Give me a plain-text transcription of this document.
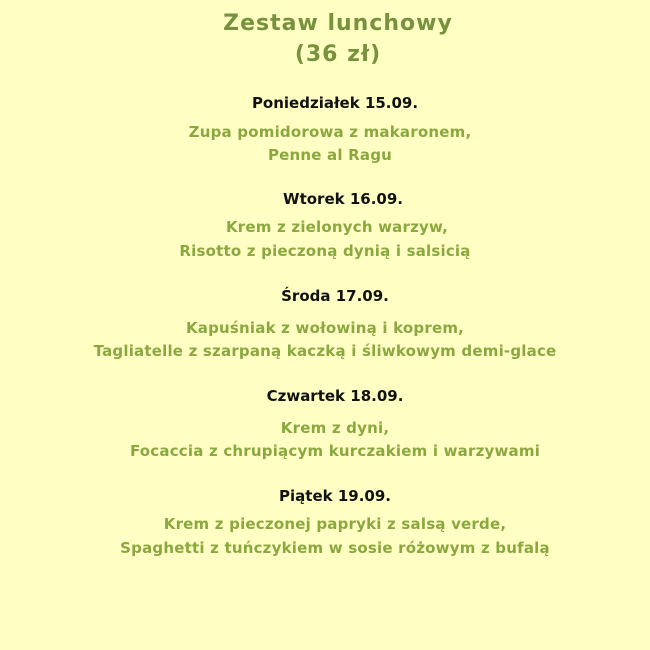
Zestaw lunchowy
(36 zł)

Poniedziałek 15.09.

Zupa pomidorowa z makaronem,

Penne al Ragu

Wtorek 16.09.

Krem z zielonych warzyw,

Risotto z pieczoną dynią i salsicią

Środa 17.09.

Kapuśniak z wołowiną i koprem,

Tagliatelle z szarpaną kaczką i śliwkowym demi-glace

Czwartek 18.09.

Krem z dyni,

Focaccia z chrupiącym kurczakiem i warzywami

Piątek 19.09.

Krem z pieczonej papryki z salsą verde,

Spaghetti z tuńczykiem w sosie różowym z bufalą
